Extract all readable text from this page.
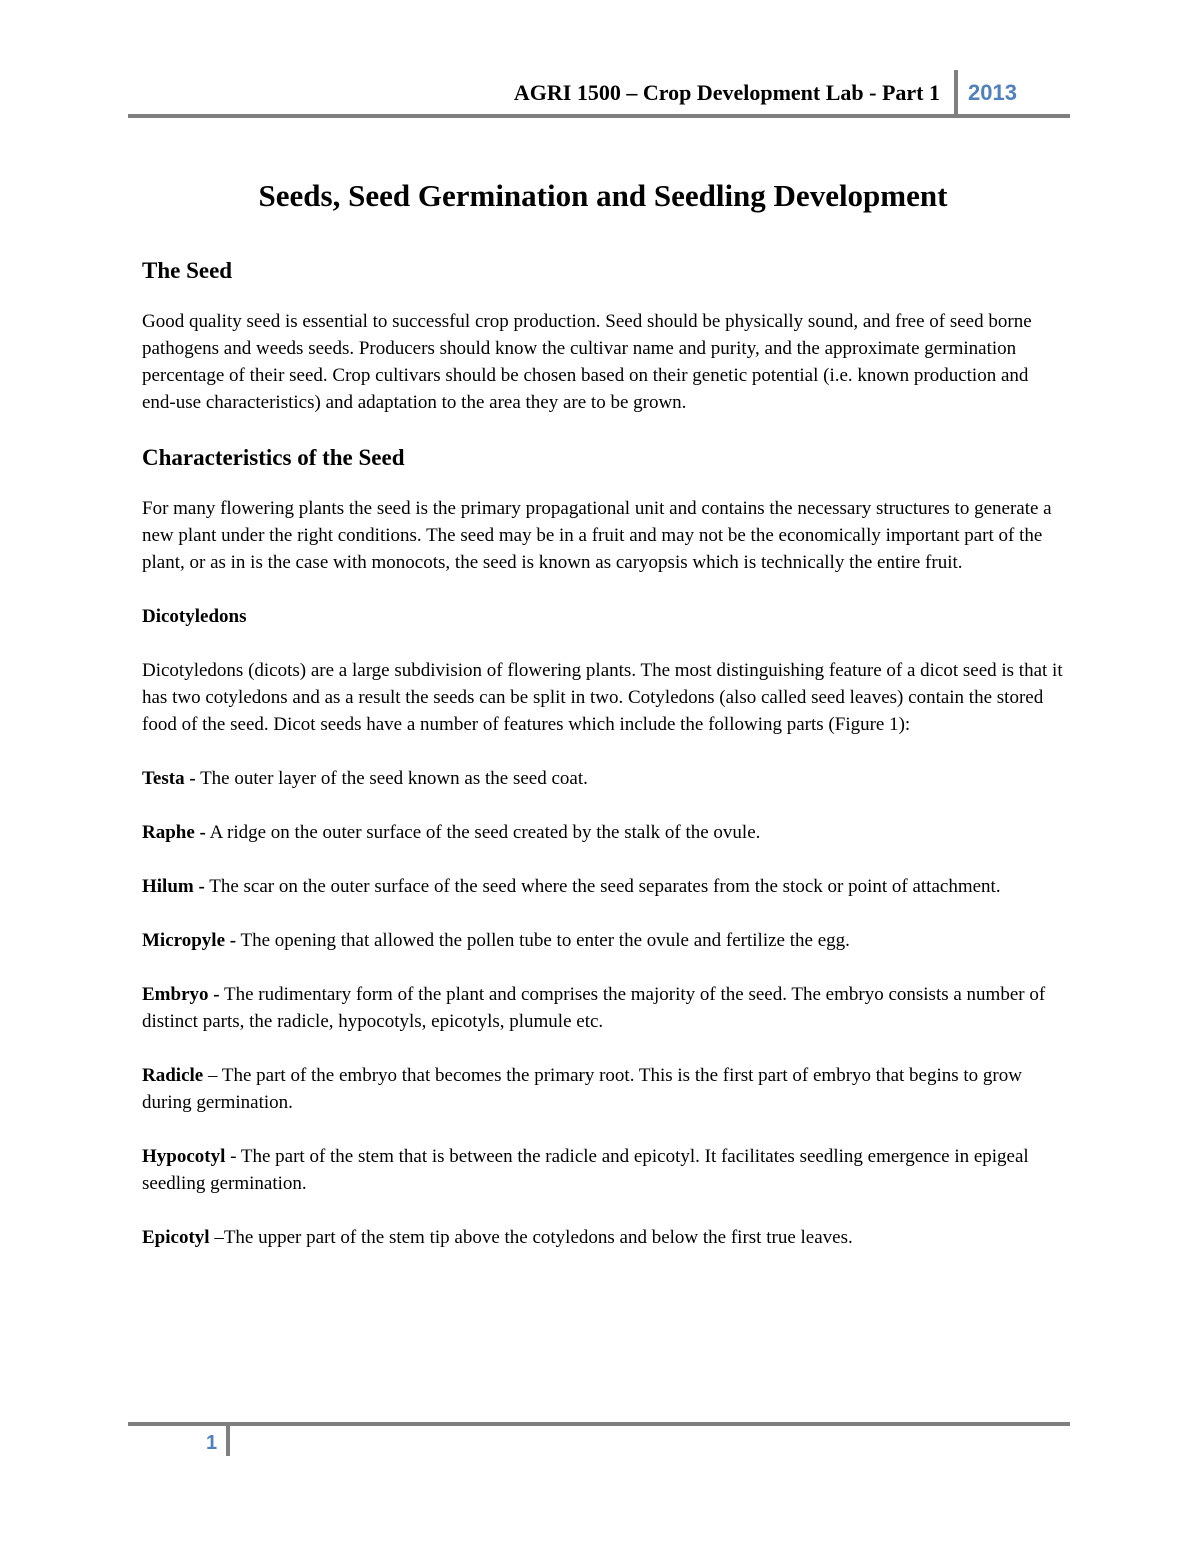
AGRI 1500 – Crop Development Lab - Part 1 2013
Seeds, Seed Germination and Seedling Development
The Seed

Good quality seed is essential to successful crop production. Seed should be physically sound, and free of seed borne pathogens and weeds seeds. Producers should know the cultivar name and purity, and the approximate germination percentage of their seed. Crop cultivars should be chosen based on their genetic potential (i.e. known production and end-use characteristics) and adaptation to the area they are to be grown.

Characteristics of the Seed

For many flowering plants the seed is the primary propagational unit and contains the necessary structures to generate a new plant under the right conditions. The seed may be in a fruit and may not be the economically important part of the plant, or as in is the case with monocots, the seed is known as caryopsis which is technically the entire fruit.

Dicotyledons

Dicotyledons (dicots) are a large subdivision of flowering plants. The most distinguishing feature of a dicot seed is that it has two cotyledons and as a result the seeds can be split in two. Cotyledons (also called seed leaves) contain the stored food of the seed. Dicot seeds have a number of features which include the following parts (Figure 1):

Testa - The outer layer of the seed known as the seed coat.

Raphe - A ridge on the outer surface of the seed created by the stalk of the ovule.

Hilum - The scar on the outer surface of the seed where the seed separates from the stock or point of attachment.

Micropyle - The opening that allowed the pollen tube to enter the ovule and fertilize the egg.

Embryo - The rudimentary form of the plant and comprises the majority of the seed. The embryo consists a number of distinct parts, the radicle, hypocotyls, epicotyls, plumule etc.

Radicle – The part of the embryo that becomes the primary root. This is the first part of embryo that begins to grow during germination.

Hypocotyl - The part of the stem that is between the radicle and epicotyl. It facilitates seedling emergence in epigeal seedling germination.

Epicotyl –The upper part of the stem tip above the cotyledons and below the first true leaves.

1
